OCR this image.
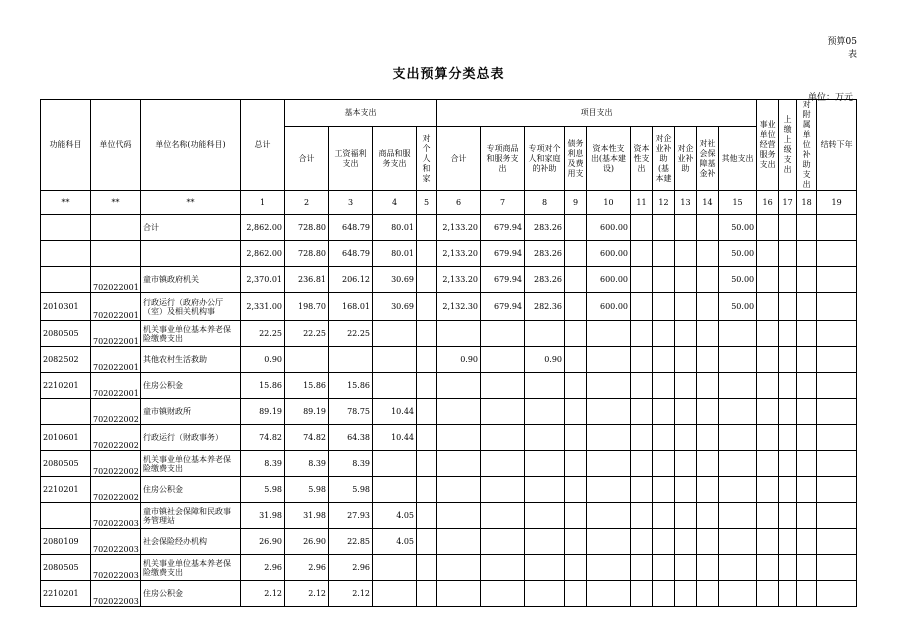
预算05
表
支出预算分类总表
单位：万元
功能科目	单位代码	单位名称(功能科目)	总计	基本支出				项目支出										事业单位经营服务支出	上缴上级支出	对附属单位补助支出	结转下年
				合计	工资福利支出	商品和服务支出	对个人和家	合计	专项商品和服务支出	专项对个人和家庭的补助	债务利息及费用支	资本性支出(基本建设)	资本性支出	对企业补助(基本建	对企业补助	对社会保障基金补	其他支出				
**	**	**	1	2	3	4	5	6	7	8	9	10	11	12	13	14	15	16	17	18	19
		合计	2,862.00	728.80	648.79	80.01		2,133.20	679.94	283.26		600.00					50.00				
			2,862.00	728.80	648.79	80.01		2,133.20	679.94	283.26		600.00					50.00				
	702022001	童市镇政府机关	2,370.01	236.81	206.12	30.69		2,133.20	679.94	283.26		600.00					50.00				
2010301	702022001	行政运行（政府办公厅（室）及相关机构事	2,331.00	198.70	168.01	30.69		2,132.30	679.94	282.36		600.00					50.00				
2080505	702022001	机关事业单位基本养老保险缴费支出	22.25	22.25	22.25																
2082502	702022001	其他农村生活救助	0.90					0.90		0.90											
2210201	702022001	住房公积金	15.86	15.86	15.86																
	702022002	童市镇财政所	89.19	89.19	78.75	10.44															
2010601	702022002	行政运行（财政事务）	74.82	74.82	64.38	10.44															
2080505	702022002	机关事业单位基本养老保险缴费支出	8.39	8.39	8.39																
2210201	702022002	住房公积金	5.98	5.98	5.98																
	702022003	童市镇社会保障和民政事务管理站	31.98	31.98	27.93	4.05															
2080109	702022003	社会保险经办机构	26.90	26.90	22.85	4.05															
2080505	702022003	机关事业单位基本养老保险缴费支出	2.96	2.96	2.96																
2210201	702022003	住房公积金	2.12	2.12	2.12																
